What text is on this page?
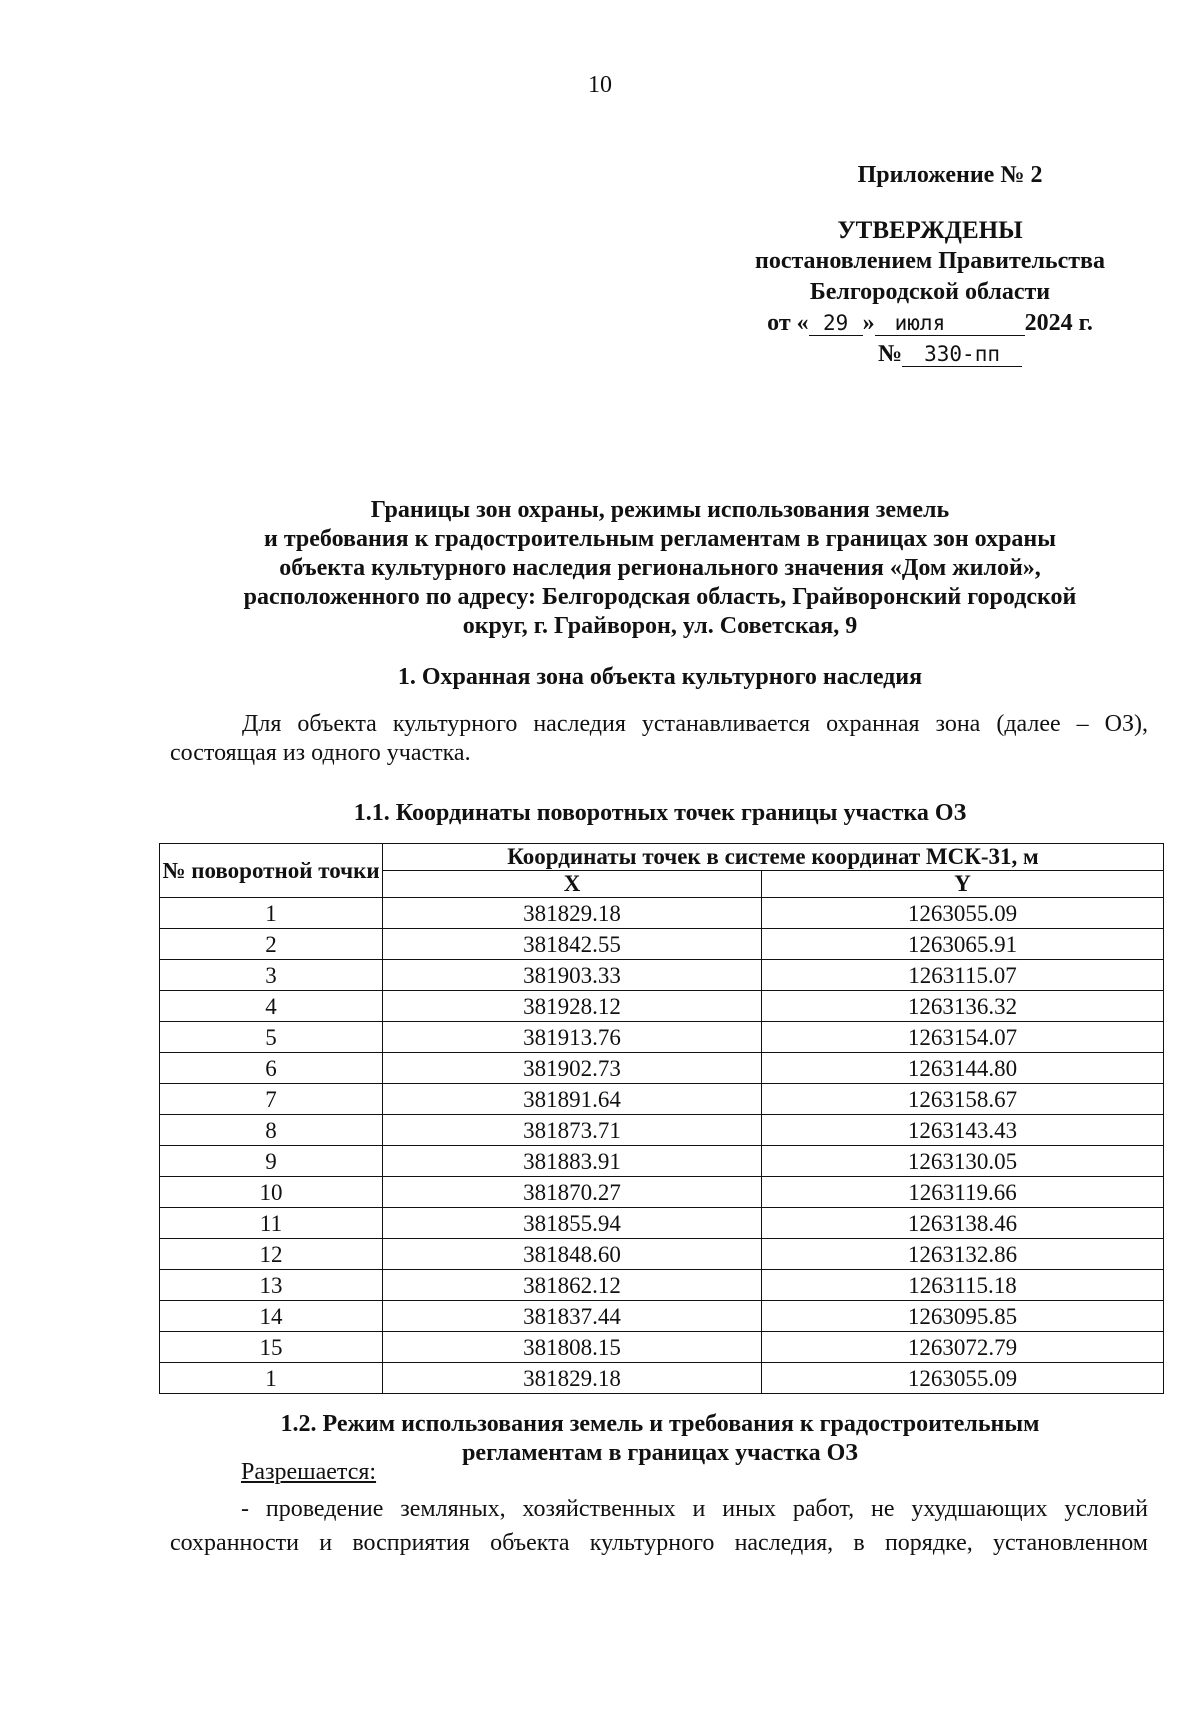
10
Приложение № 2
УТВЕРЖДЕНЫ
постановлением Правительства
Белгородской области
от « 29 » июля	2024 г.
№ 330-пп
Границы зон охраны, режимы использования земель
и требования к градостроительным регламентам в границах зон охраны
объекта культурного наследия регионального значения «Дом жилой»,
расположенного по адресу: Белгородская область, Грайворонский городской
округ, г. Грайворон, ул. Советская, 9
1. Охранная зона объекта культурного наследия
Для объекта культурного наследия устанавливается охранная зона (далее – ОЗ), состоящая из одного участка.
1.1. Координаты поворотных точек границы участка ОЗ
№ поворотной точки	Координаты точек в системе координат МСК-31, м	
	X	Y
1	381829.18	1263055.09
2	381842.55	1263065.91
3	381903.33	1263115.07
4	381928.12	1263136.32
5	381913.76	1263154.07
6	381902.73	1263144.80
7	381891.64	1263158.67
8	381873.71	1263143.43
9	381883.91	1263130.05
10	381870.27	1263119.66
11	381855.94	1263138.46
12	381848.60	1263132.86
13	381862.12	1263115.18
14	381837.44	1263095.85
15	381808.15	1263072.79
1	381829.18	1263055.09
1.2. Режим использования земель и требования к градостроительным
регламентам в границах участка ОЗ
Разрешается:
- проведение земляных, хозяйственных и иных работ, не ухудшающих условий сохранности и восприятия объекта культурного наследия, в порядке, установленном
